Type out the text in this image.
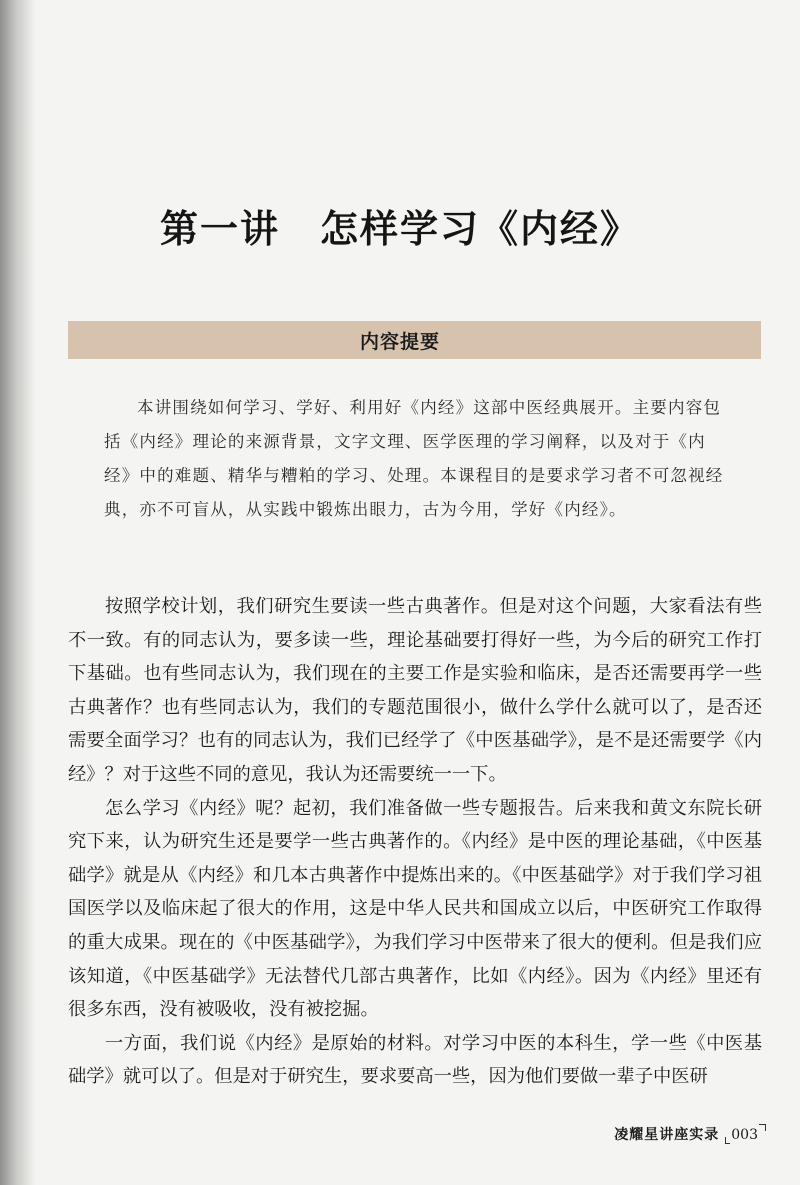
第一讲　怎样学习《内经》
内容提要

本讲围绕如何学习、学好、利用好《内经》这部中医经典展开。主要内容包括《内经》理论的来源背景，文字文理、医学医理的学习阐释，以及对于《内经》中的难题、精华与糟粕的学习、处理。本课程目的是要求学习者不可忽视经典，亦不可盲从，从实践中锻炼出眼力，古为今用，学好《内经》。

按照学校计划，我们研究生要读一些古典著作。但是对这个问题，大家看法有些不一致。有的同志认为，要多读一些，理论基础要打得好一些，为今后的研究工作打下基础。也有些同志认为，我们现在的主要工作是实验和临床，是否还需要再学一些古典著作？也有些同志认为，我们的专题范围很小，做什么学什么就可以了，是否还需要全面学习？也有的同志认为，我们已经学了《中医基础学》，是不是还需要学《内经》？对于这些不同的意见，我认为还需要统一一下。

怎么学习《内经》呢？起初，我们准备做一些专题报告。后来我和黄文东院长研究下来，认为研究生还是要学一些古典著作的。《内经》是中医的理论基础，《中医基础学》就是从《内经》和几本古典著作中提炼出来的。《中医基础学》对于我们学习祖国医学以及临床起了很大的作用，这是中华人民共和国成立以后，中医研究工作取得的重大成果。现在的《中医基础学》，为我们学习中医带来了很大的便利。但是我们应该知道，《中医基础学》无法替代几部古典著作，比如《内经》。因为《内经》里还有很多东西，没有被吸收，没有被挖掘。

一方面，我们说《内经》是原始的材料。对学习中医的本科生，学一些《中医基础学》就可以了。但是对于研究生，要求要高一些，因为他们要做一辈子中医研

凌耀星讲座实录 003
